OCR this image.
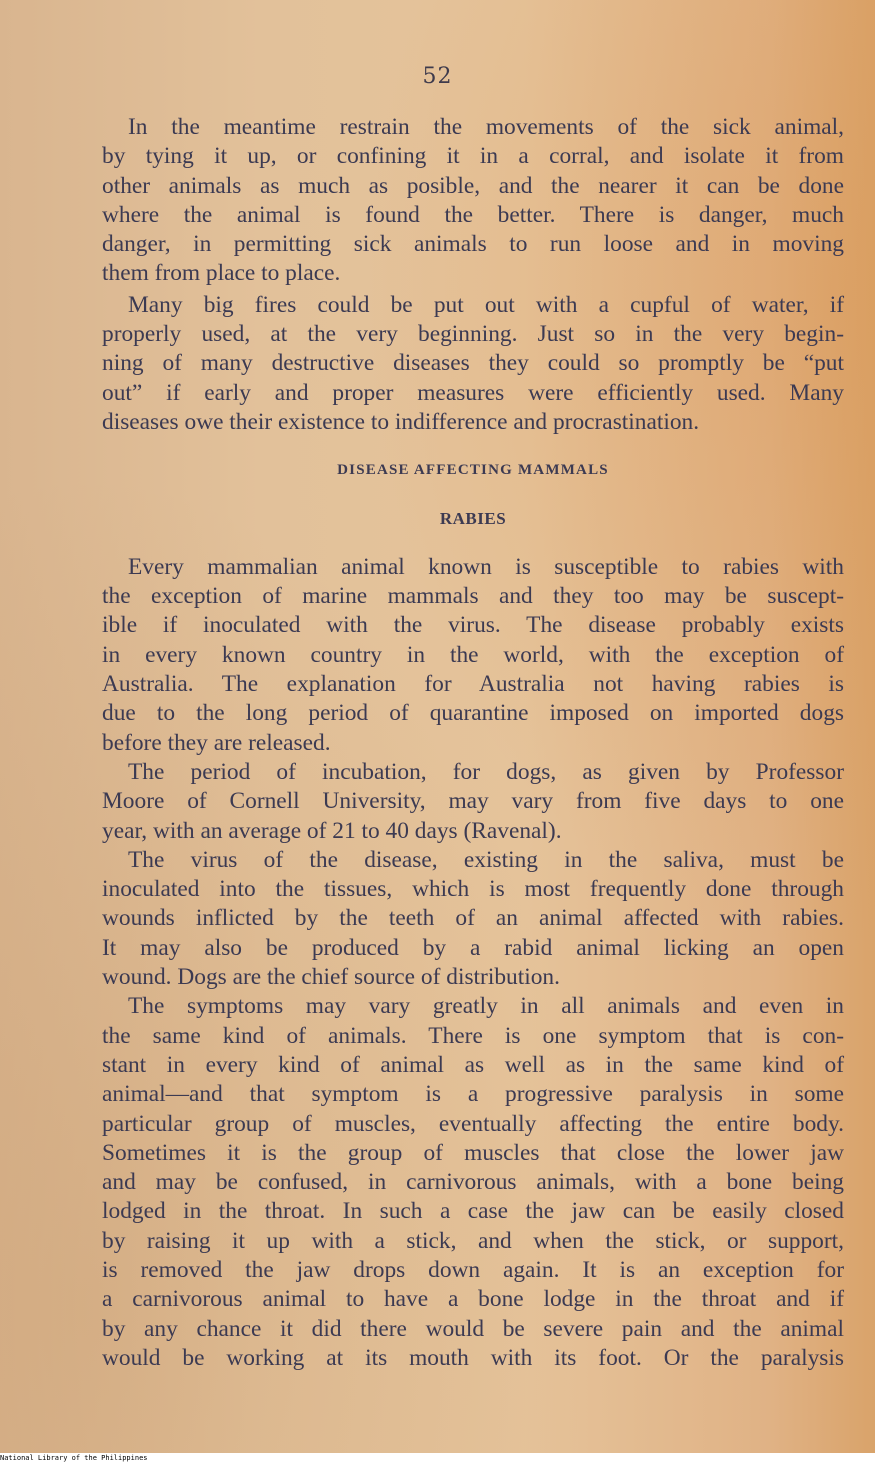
52
In the meantime restrain the movements of the sick animal,
by tying it up, or confining it in a corral, and isolate it from
other animals as much as posible, and the nearer it can be done
where the animal is found the better. There is danger, much
danger, in permitting sick animals to run loose and in moving
them from place to place.
Many big fires could be put out with a cupful of water, if
properly used, at the very beginning. Just so in the very begin-
ning of many destructive diseases they could so promptly be “put
out” if early and proper measures were efficiently used. Many
diseases owe their existence to indifference and procrastination.
DISEASE AFFECTING MAMMALS
RABIES
Every mammalian animal known is susceptible to rabies with
the exception of marine mammals and they too may be suscept-
ible if inoculated with the virus. The disease probably exists
in every known country in the world, with the exception of
Australia. The explanation for Australia not having rabies is
due to the long period of quarantine imposed on imported dogs
before they are released.
The period of incubation, for dogs, as given by Professor
Moore of Cornell University, may vary from five days to one
year, with an average of 21 to 40 days (Ravenal).
The virus of the disease, existing in the saliva, must be
inoculated into the tissues, which is most frequently done through
wounds inflicted by the teeth of an animal affected with rabies.
It may also be produced by a rabid animal licking an open
wound. Dogs are the chief source of distribution.
The symptoms may vary greatly in all animals and even in
the same kind of animals. There is one symptom that is con-
stant in every kind of animal as well as in the same kind of
animal—and that symptom is a progressive paralysis in some
particular group of muscles, eventually affecting the entire body.
Sometimes it is the group of muscles that close the lower jaw
and may be confused, in carnivorous animals, with a bone being
lodged in the throat. In such a case the jaw can be easily closed
by raising it up with a stick, and when the stick, or support,
is removed the jaw drops down again. It is an exception for
a carnivorous animal to have a bone lodge in the throat and if
by any chance it did there would be severe pain and the animal
would be working at its mouth with its foot. Or the paralysis
National Library of the Philippines
